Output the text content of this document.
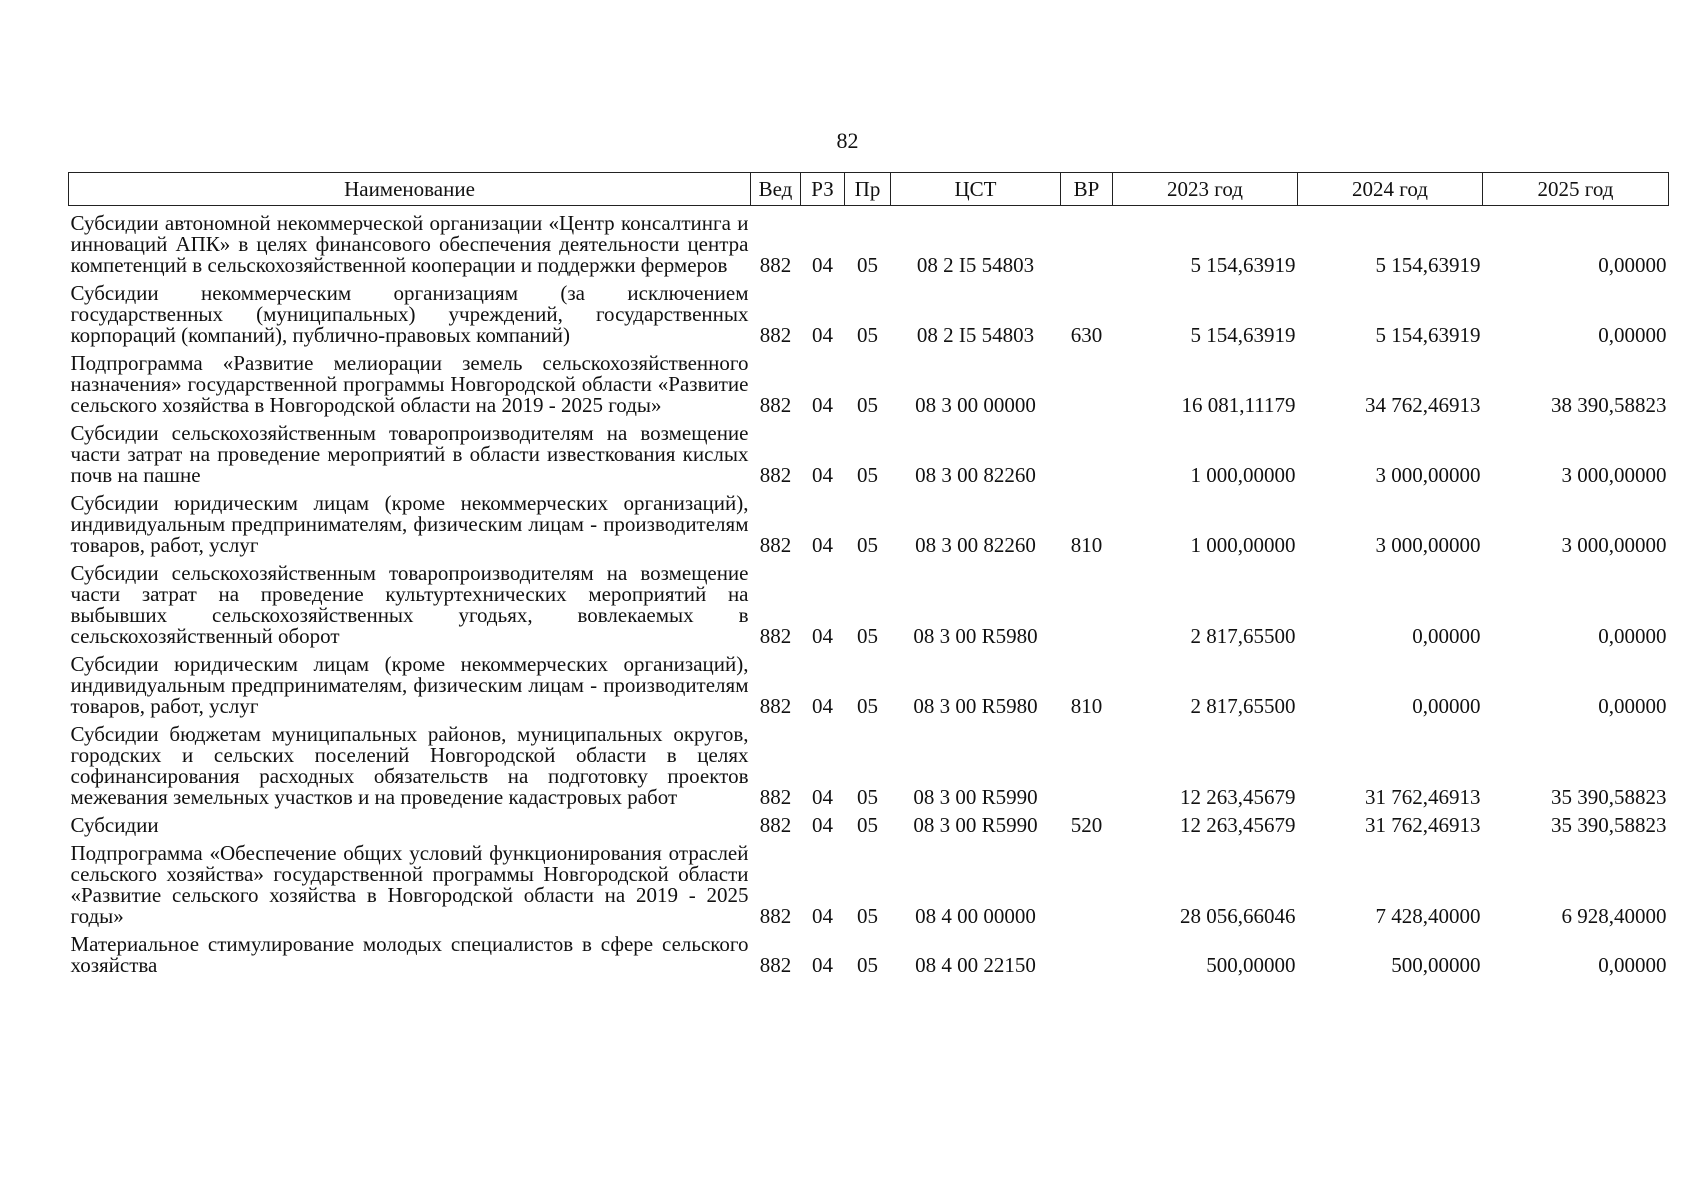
82
Наименование	Вед	РЗ	Пр	ЦСТ	ВР	2023 год	2024 год	2025 год
Субсидии автономной некоммерческой организации «Центр консалтинга и инноваций АПК» в целях финансового обеспечения деятельности центра компетенций в сельскохозяйственной кооперации и поддержки фермеров	882	04	05	08 2 I5 54803		5 154,63919	5 154,63919	0,00000
Субсидии некоммерческим организациям (за исключением государственных (муниципальных) учреждений, государственных корпораций (компаний), публично-правовых компаний)	882	04	05	08 2 I5 54803	630	5 154,63919	5 154,63919	0,00000
Подпрограмма «Развитие мелиорации земель сельскохозяйственного назначения» государственной программы Новгородской области «Развитие сельского хозяйства в Новгородской области на 2019 - 2025 годы»	882	04	05	08 3 00 00000		16 081,11179	34 762,46913	38 390,58823
Субсидии сельскохозяйственным товаропроизводителям на возмещение части затрат на проведение мероприятий в области известкования кислых почв на пашне	882	04	05	08 3 00 82260		1 000,00000	3 000,00000	3 000,00000
Субсидии юридическим лицам (кроме некоммерческих организаций), индивидуальным предпринимателям, физическим лицам - производителям товаров, работ, услуг	882	04	05	08 3 00 82260	810	1 000,00000	3 000,00000	3 000,00000
Субсидии сельскохозяйственным товаропроизводителям на возмещение части затрат на проведение культуртехнических мероприятий на выбывших сельскохозяйственных угодьях, вовлекаемых в сельскохозяйственный оборот	882	04	05	08 3 00 R5980		2 817,65500	0,00000	0,00000
Субсидии юридическим лицам (кроме некоммерческих организаций), индивидуальным предпринимателям, физическим лицам - производителям товаров, работ, услуг	882	04	05	08 3 00 R5980	810	2 817,65500	0,00000	0,00000
Субсидии бюджетам муниципальных районов, муниципальных округов, городских и сельских поселений Новгородской области в целях софинансирования расходных обязательств на подготовку проектов межевания земельных участков и на проведение кадастровых работ	882	04	05	08 3 00 R5990		12 263,45679	31 762,46913	35 390,58823
Субсидии	882	04	05	08 3 00 R5990	520	12 263,45679	31 762,46913	35 390,58823
Подпрограмма «Обеспечение общих условий функционирования отраслей сельского хозяйства» государственной программы Новгородской области «Развитие сельского хозяйства в Новгородской области на 2019 - 2025 годы»	882	04	05	08 4 00 00000		28 056,66046	7 428,40000	6 928,40000
Материальное стимулирование молодых специалистов в сфере сельского хозяйства	882	04	05	08 4 00 22150		500,00000	500,00000	0,00000
